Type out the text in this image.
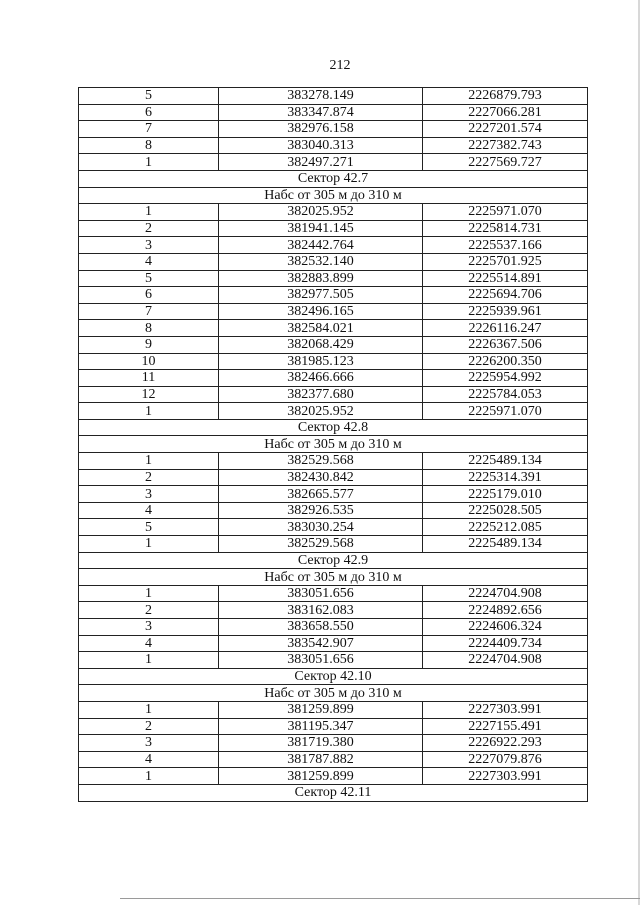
212
5	383278.149	2226879.793
6	383347.874	2227066.281
7	382976.158	2227201.574
8	383040.313	2227382.743
1	382497.271	2227569.727
Сектор 42.7		
Набс от 305 м до 310 м		
1	382025.952	2225971.070
2	381941.145	2225814.731
3	382442.764	2225537.166
4	382532.140	2225701.925
5	382883.899	2225514.891
6	382977.505	2225694.706
7	382496.165	2225939.961
8	382584.021	2226116.247
9	382068.429	2226367.506
10	381985.123	2226200.350
11	382466.666	2225954.992
12	382377.680	2225784.053
1	382025.952	2225971.070
Сектор 42.8		
Набс от 305 м до 310 м		
1	382529.568	2225489.134
2	382430.842	2225314.391
3	382665.577	2225179.010
4	382926.535	2225028.505
5	383030.254	2225212.085
1	382529.568	2225489.134
Сектор 42.9		
Набс от 305 м до 310 м		
1	383051.656	2224704.908
2	383162.083	2224892.656
3	383658.550	2224606.324
4	383542.907	2224409.734
1	383051.656	2224704.908
Сектор 42.10		
Набс от 305 м до 310 м		
1	381259.899	2227303.991
2	381195.347	2227155.491
3	381719.380	2226922.293
4	381787.882	2227079.876
1	381259.899	2227303.991
Сектор 42.11		
